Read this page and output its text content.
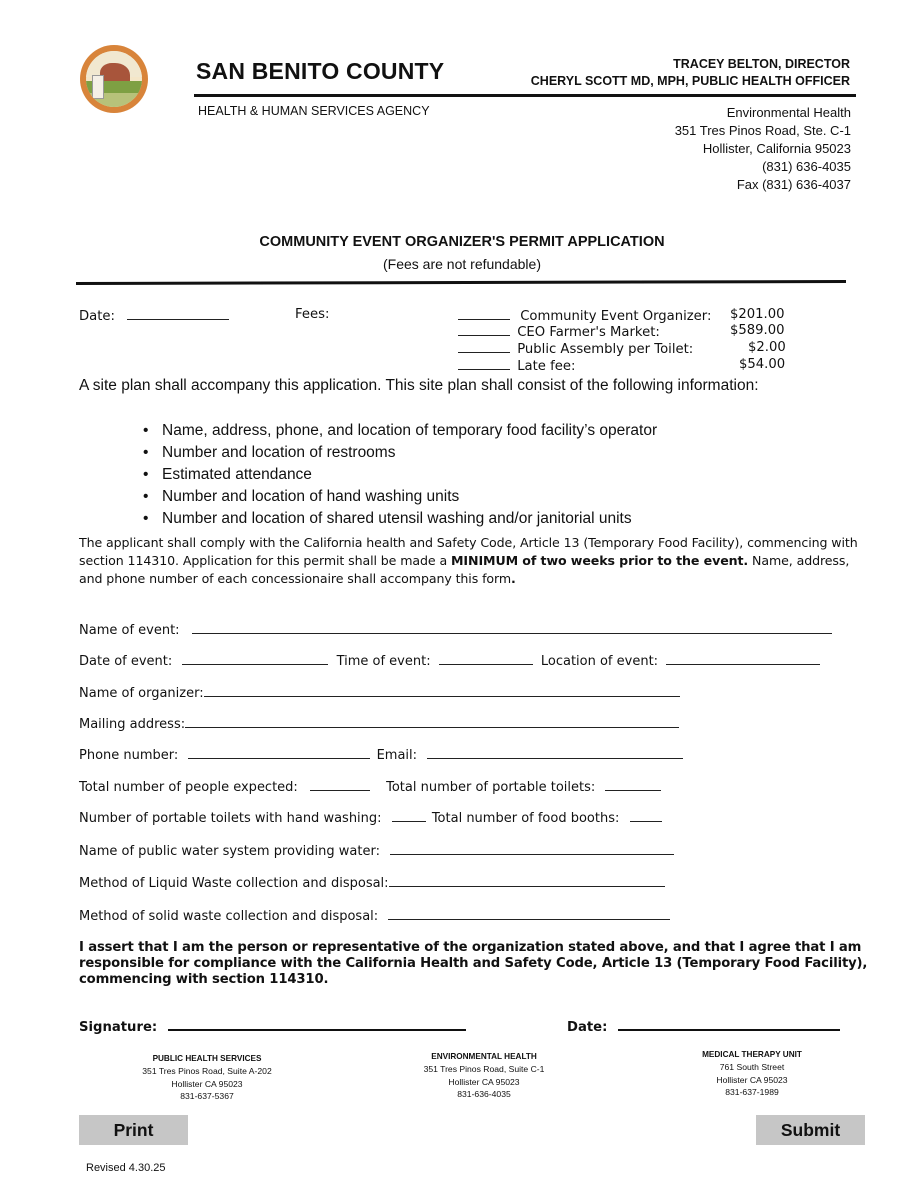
SAN BENITO COUNTY
HEALTH & HUMAN SERVICES AGENCY
TRACEY BELTON, DIRECTOR
CHERYL SCOTT MD, MPH, PUBLIC HEALTH OFFICER
Environmental Health
351 Tres Pinos Road, Ste. C-1
Hollister, California 95023
(831) 636-4035
Fax (831) 636-4037
COMMUNITY EVENT ORGANIZER'S PERMIT APPLICATION
(Fees are not refundable)
Date:	Fees:	Community Event Organizer: $201.00
CEO Farmer's Market:	$589.00
Public Assembly per Toilet:	$2.00
Late fee:	$54.00
A site plan shall accompany this application. This site plan shall consist of the following information:
• Name, address, phone, and location of temporary food facility’s operator
• Number and location of restrooms
• Estimated attendance
• Number and location of hand washing units
• Number and location of shared utensil washing and/or janitorial units
The applicant shall comply with the California health and Safety Code, Article 13 (Temporary Food Facility), commencing with section 114310. Application for this permit shall be made a MINIMUM of two weeks prior to the event. Name, address, and phone number of each concessionaire shall accompany this form.
Name of event:
Date of event:	Time of event:	Location of event:
Name of organizer:
Mailing address:
Phone number:	Email:
Total number of people expected:	Total number of portable toilets:
Number of portable toilets with hand washing:	Total number of food booths:
Name of public water system providing water:
Method of Liquid Waste collection and disposal:
Method of solid waste collection and disposal:
I assert that I am the person or representative of the organization stated above, and that I agree that I am responsible for compliance with the California Health and Safety Code, Article 13 (Temporary Food Facility), commencing with section 114310.
Signature:	Date:
PUBLIC HEALTH SERVICES
351 Tres Pinos Road, Suite A-202
Hollister CA 95023
831-637-5367
ENVIRONMENTAL HEALTH
351 Tres Pinos Road, Suite C-1
Hollister CA 95023
831-636-4035
MEDICAL THERAPY UNIT
761 South Street
Hollister CA 95023
831-637-1989
Print	Submit
Revised 4.30.25
